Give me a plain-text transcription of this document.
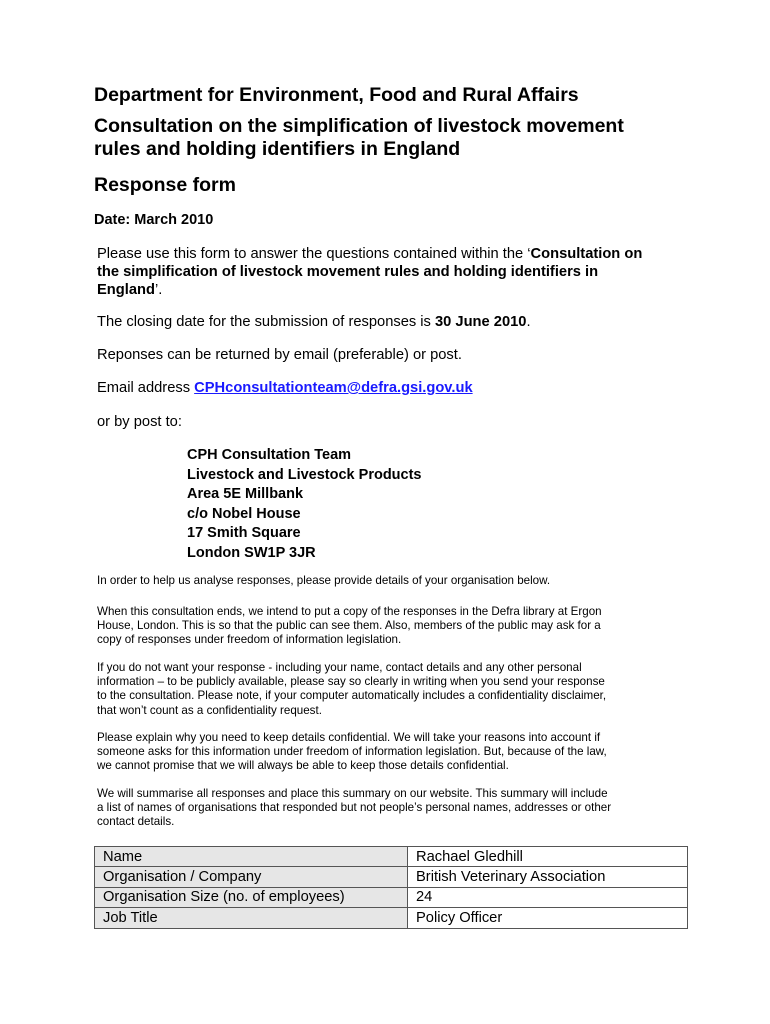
Department for Environment, Food and Rural Affairs
Consultation on the simplification of livestock movement
rules and holding identifiers in England
Response form
Date: March 2010
Please use this form to answer the questions contained within the ‘Consultation on
the simplification of livestock movement rules and holding identifiers in
England’.
The closing date for the submission of responses is 30 June 2010.
Reponses can be returned by email (preferable) or post.
Email address CPHconsultationteam@defra.gsi.gov.uk
or by post to:
CPH Consultation Team
Livestock and Livestock Products
Area 5E Millbank
c/o Nobel House
17 Smith Square
London SW1P 3JR
In order to help us analyse responses, please provide details of your organisation below.
When this consultation ends, we intend to put a copy of the responses in the Defra library at Ergon
House, London. This is so that the public can see them. Also, members of the public may ask for a
copy of responses under freedom of information legislation.
If you do not want your response - including your name, contact details and any other personal
information – to be publicly available, please say so clearly in writing when you send your response
to the consultation. Please note, if your computer automatically includes a confidentiality disclaimer,
that won’t count as a confidentiality request.
Please explain why you need to keep details confidential. We will take your reasons into account if
someone asks for this information under freedom of information legislation. But, because of the law,
we cannot promise that we will always be able to keep those details confidential.
We will summarise all responses and place this summary on our website. This summary will include
a list of names of organisations that responded but not people’s personal names, addresses or other
contact details.
Name	Rachael Gledhill
Organisation / Company	British Veterinary Association
Organisation Size (no. of employees)	24
Job Title	Policy Officer
